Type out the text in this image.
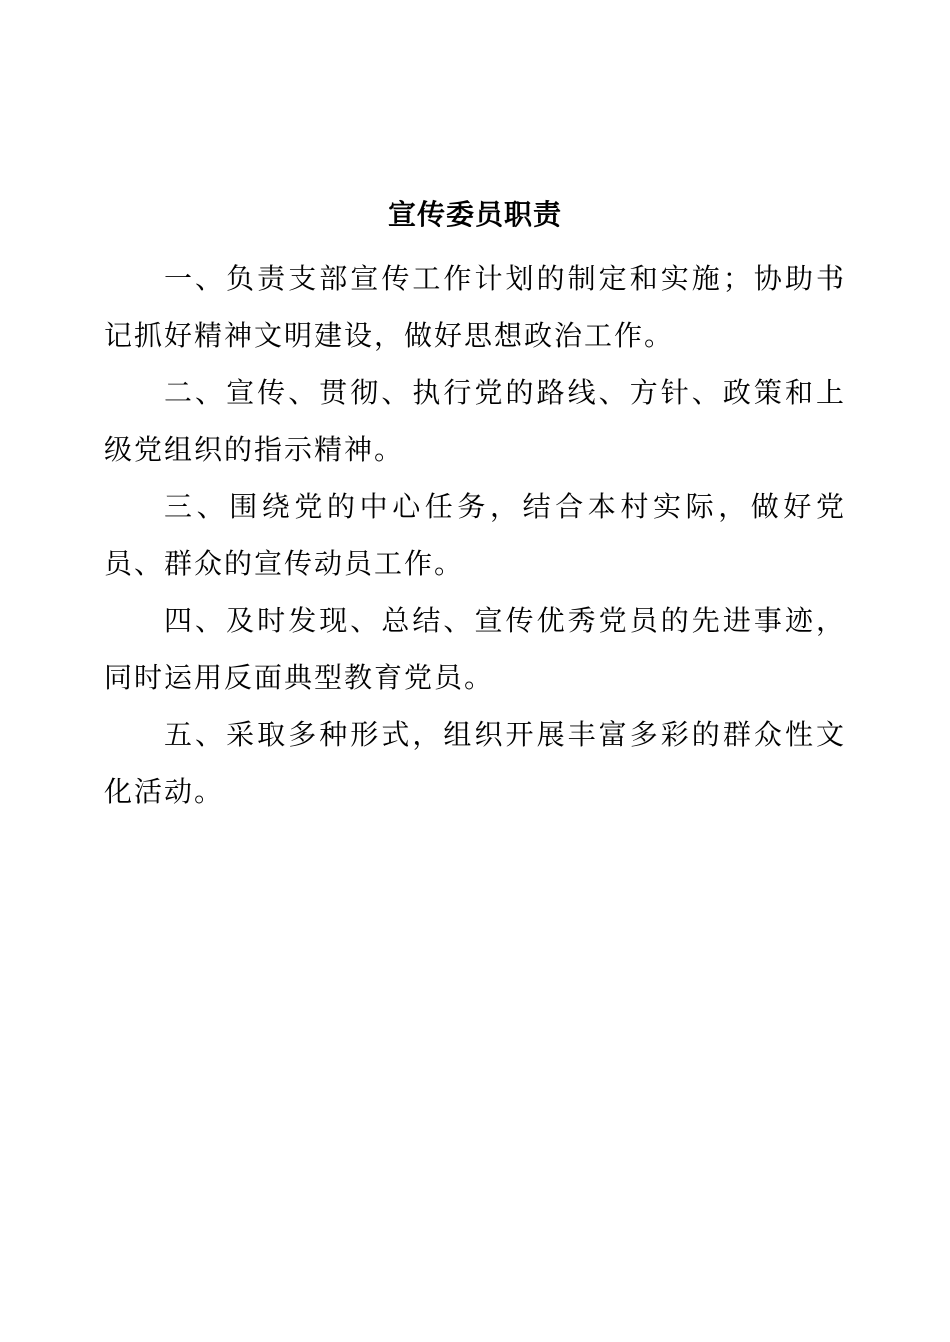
宣传委员职责

一、负责支部宣传工作计划的制定和实施；协助书记抓好精神文明建设，做好思想政治工作。

二、宣传、贯彻、执行党的路线、方针、政策和上级党组织的指示精神。

三、围绕党的中心任务，结合本村实际，做好党员、群众的宣传动员工作。

四、及时发现、总结、宣传优秀党员的先进事迹，同时运用反面典型教育党员。

五、采取多种形式，组织开展丰富多彩的群众性文化活动。
